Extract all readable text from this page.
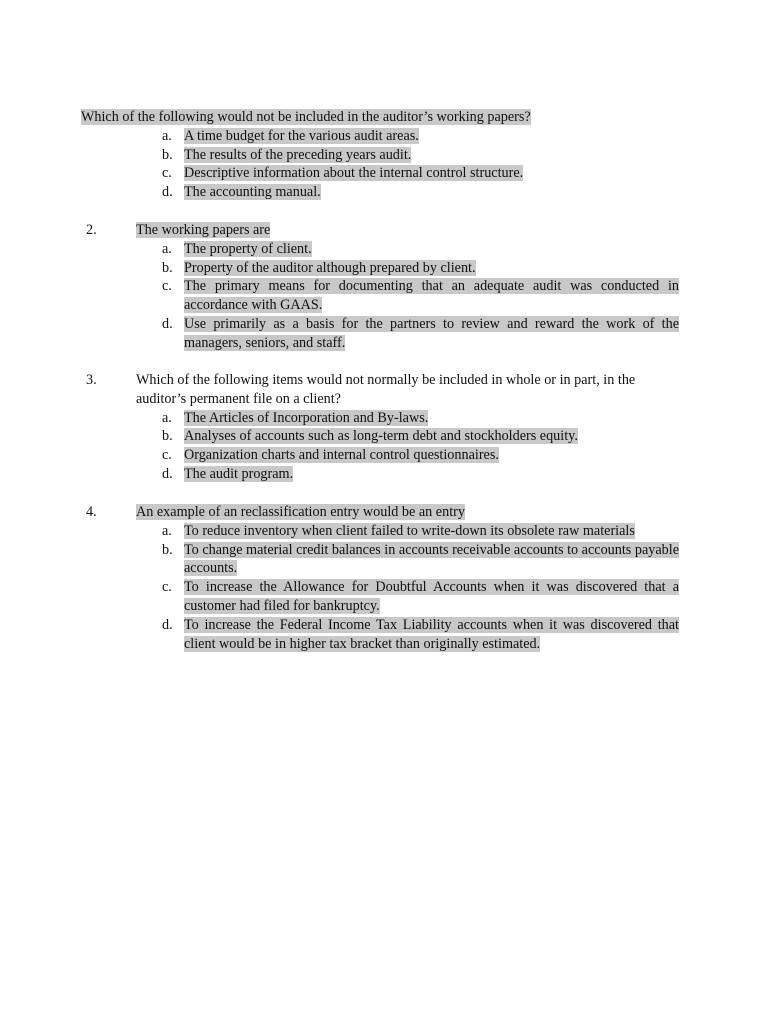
Which of the following would not be included in the auditor’s working papers?
a. A time budget for the various audit areas.
b. The results of the preceding years audit.
c. Descriptive information about the internal control structure.
d. The accounting manual.
2.	The working papers are
a. The property of client.
b. Property of the auditor although prepared by client.
c. The primary means for documenting that an adequate audit was conducted in accordance with GAAS.
d. Use primarily as a basis for the partners to review and reward the work of the managers, seniors, and staff.
3.	Which of the following items would not normally be included in whole or in part, in the auditor’s permanent file on a client?
a. The Articles of Incorporation and By-laws.
b. Analyses of accounts such as long-term debt and stockholders equity.
c. Organization charts and internal control questionnaires.
d. The audit program.
4.	An example of an reclassification entry would be an entry
a. To reduce inventory when client failed to write-down its obsolete raw materials
b. To change material credit balances in accounts receivable accounts to accounts payable accounts.
c. To increase the Allowance for Doubtful Accounts when it was discovered that a customer had filed for bankruptcy.
d. To increase the Federal Income Tax Liability accounts when it was discovered that client would be in higher tax bracket than originally estimated.
